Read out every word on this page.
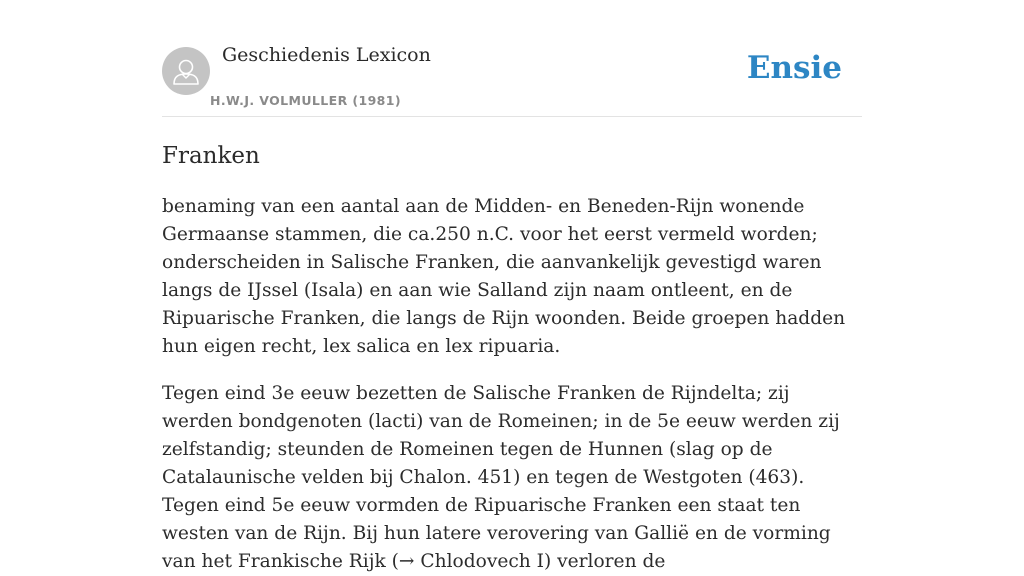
Geschiedenis Lexicon
H.W.J. VOLMULLER (1981)
Ensie
Franken

benaming van een aantal aan de Midden- en Beneden-Rijn wonende Germaanse stammen, die ca.250 n.C. voor het eerst vermeld worden; onderscheiden in Salische Franken, die aanvankelijk gevestigd waren langs de IJssel (Isala) en aan wie Salland zijn naam ontleent, en de Ripuarische Franken, die langs de Rijn woonden. Beide groepen hadden hun eigen recht, lex salica en lex ripuaria.

Tegen eind 3e eeuw bezetten de Salische Franken de Rijndelta; zij werden bondgenoten (lacti) van de Romeinen; in de 5e eeuw werden zij zelfstandig; steunden de Romeinen tegen de Hunnen (slag op de Catalaunische velden bij Chalon. 451) en tegen de Westgoten (463). Tegen eind 5e eeuw vormden de Ripuarische Franken een staat ten westen van de Rijn. Bij hun latere verovering van Gallië en de vorming van het Frankische Rijk (→ Chlodovech I) verloren de
